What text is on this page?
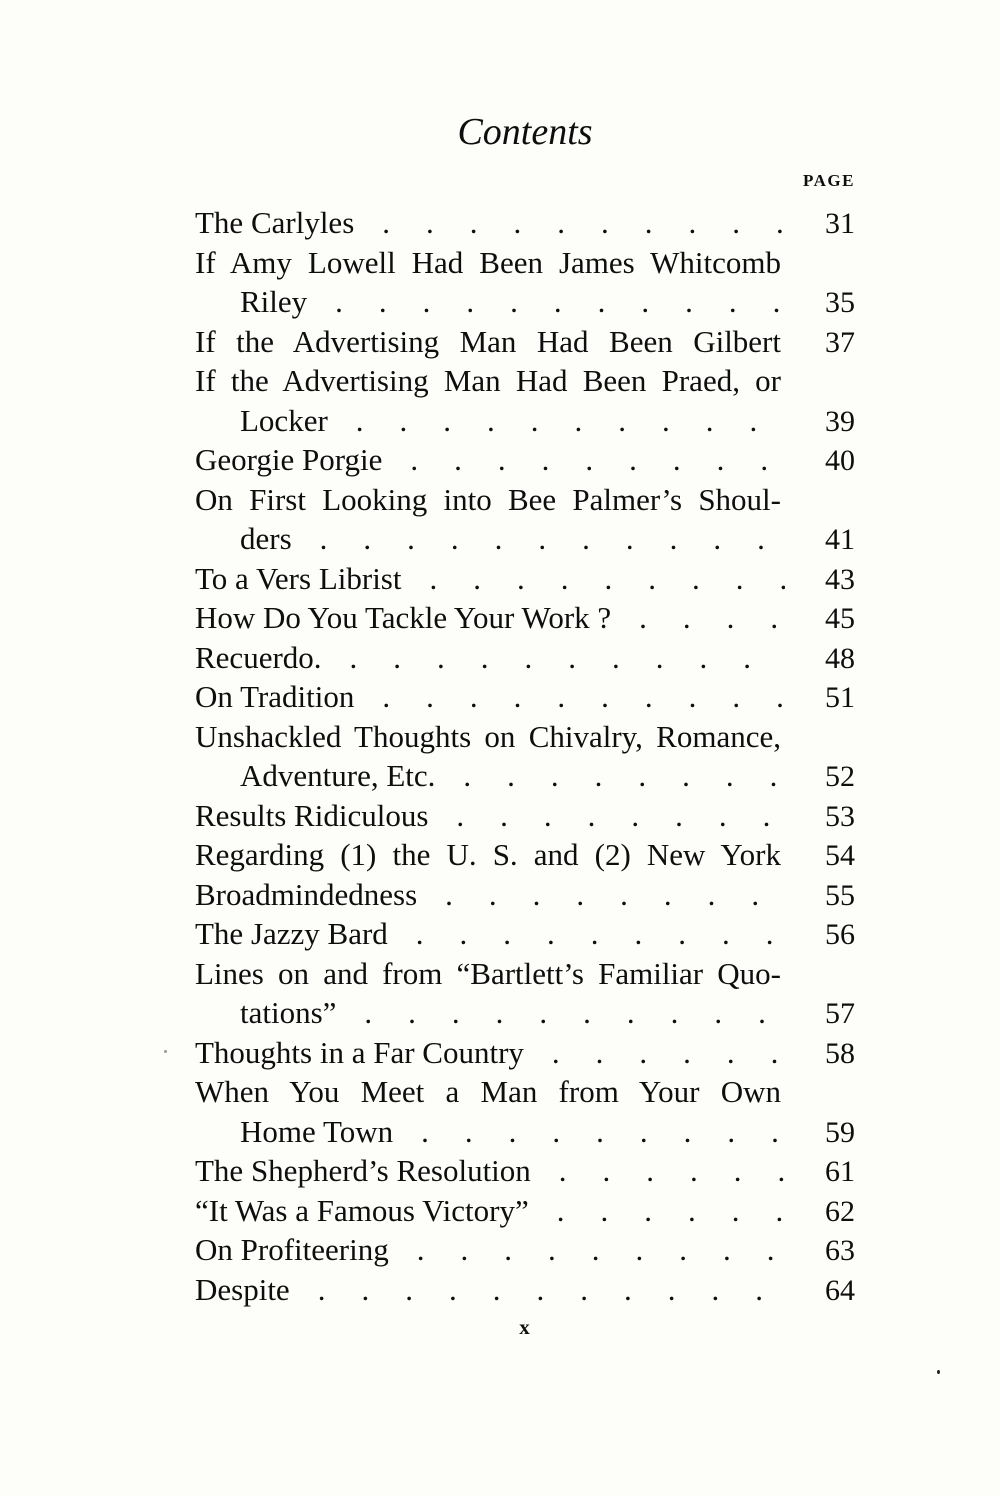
Contents
PAGE
The Carlyles .....	31
If Amy Lowell Had Been James Whitcomb
Riley .....	35
If the Advertising Man Had Been Gilbert	37
If the Advertising Man Had Been Praed, or
Locker .....	39
Georgie Porgie .....	40
On First Looking into Bee Palmer’s Shoul-
ders .....	41
To a Vers Librist .....	43
How Do You Tackle Your Work ? .....	45
Recuerdo. .....	48
On Tradition .....	51
Unshackled Thoughts on Chivalry, Romance,
Adventure, Etc. .....	52
Results Ridiculous .....	53
Regarding (1) the U. S. and (2) New York	54
Broadmindedness .....	55
The Jazzy Bard .....	56
Lines on and from “Bartlett’s Familiar Quo-
tations” .....	57
Thoughts in a Far Country .....	58
When You Meet a Man from Your Own
Home Town .....	59
The Shepherd’s Resolution .....	61
“It Was a Famous Victory” .....	62
On Profiteering .....	63
Despite .....	64
x
